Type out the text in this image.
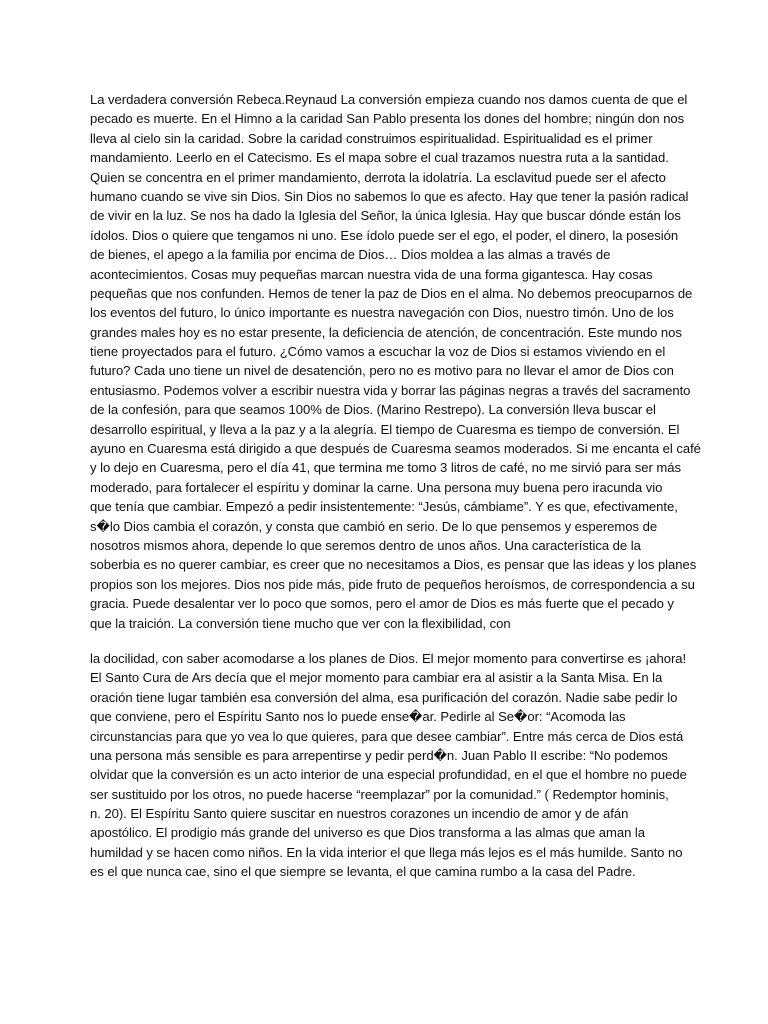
La verdadera conversión Rebeca.Reynaud La conversión empieza cuando nos damos cuenta de que el
pecado es muerte. En el Himno a la caridad San Pablo presenta los dones del hombre; ningún don nos
lleva al cielo sin la caridad. Sobre la caridad construimos espiritualidad. Espiritualidad es el primer
mandamiento. Leerlo en el Catecismo. Es el mapa sobre el cual trazamos nuestra ruta a la santidad.
Quien se concentra en el primer mandamiento, derrota la idolatría. La esclavitud puede ser el afecto
humano cuando se vive sin Dios. Sin Dios no sabemos lo que es afecto. Hay que tener la pasión radical
de vivir en la luz. Se nos ha dado la Iglesia del Señor, la única Iglesia. Hay que buscar dónde están los
ídolos. Dios o quiere que tengamos ni uno. Ese ídolo puede ser el ego, el poder, el dinero, la posesión
de bienes, el apego a la familia por encima de Dios… Dios moldea a las almas a través de
acontecimientos. Cosas muy pequeñas marcan nuestra vida de una forma gigantesca. Hay cosas
pequeñas que nos confunden. Hemos de tener la paz de Dios en el alma. No debemos preocuparnos de
los eventos del futuro, lo único importante es nuestra navegación con Dios, nuestro timón. Uno de los
grandes males hoy es no estar presente, la deficiencia de atención, de concentración. Este mundo nos
tiene proyectados para el futuro. ¿Cómo vamos a escuchar la voz de Dios si estamos viviendo en el
futuro? Cada uno tiene un nivel de desatención, pero no es motivo para no llevar el amor de Dios con
entusiasmo. Podemos volver a escribir nuestra vida y borrar las páginas negras a través del sacramento
de la confesión, para que seamos 100% de Dios. (Marino Restrepo). La conversión lleva buscar el
desarrollo espiritual, y lleva a la paz y a la alegría. El tiempo de Cuaresma es tiempo de conversión. El
ayuno en Cuaresma está dirigido a que después de Cuaresma seamos moderados. Si me encanta el café
y lo dejo en Cuaresma, pero el día 41, que termina me tomo 3 litros de café, no me sirvió para ser más
moderado, para fortalecer el espíritu y dominar la carne. Una persona muy buena pero iracunda vio
que tenía que cambiar. Empezó a pedir insistentemente: “Jesús, cámbiame”. Y es que, efectivamente,
s�lo Dios cambia el corazón, y consta que cambió en serio. De lo que pensemos y esperemos de
nosotros mismos ahora, depende lo que seremos dentro de unos años. Una característica de la
soberbia es no querer cambiar, es creer que no necesitamos a Dios, es pensar que las ideas y los planes
propios son los mejores. Dios nos pide más, pide fruto de pequeños heroísmos, de correspondencia a su
gracia. Puede desalentar ver lo poco que somos, pero el amor de Dios es más fuerte que el pecado y
que la traición. La conversión tiene mucho que ver con la flexibilidad, con
la docilidad, con saber acomodarse a los planes de Dios. El mejor momento para convertirse es ¡ahora!
El Santo Cura de Ars decía que el mejor momento para cambiar era al asistir a la Santa Misa. En la
oración tiene lugar también esa conversión del alma, esa purificación del corazón. Nadie sabe pedir lo
que conviene, pero el Espíritu Santo nos lo puede ense�ar. Pedirle al Se�or: “Acomoda las
circunstancias para que yo vea lo que quieres, para que desee cambiar”. Entre más cerca de Dios está
una persona más sensible es para arrepentirse y pedir perd�n. Juan Pablo II escribe: “No podemos
olvidar que la conversión es un acto interior de una especial profundidad, en el que el hombre no puede
ser sustituido por los otros, no puede hacerse “reemplazar” por la comunidad.” ( Redemptor hominis,
n. 20). El Espíritu Santo quiere suscitar en nuestros corazones un incendio de amor y de afán
apostólico. El prodigio más grande del universo es que Dios transforma a las almas que aman la
humildad y se hacen como niños. En la vida interior el que llega más lejos es el más humilde. Santo no
es el que nunca cae, sino el que siempre se levanta, el que camina rumbo a la casa del Padre.
